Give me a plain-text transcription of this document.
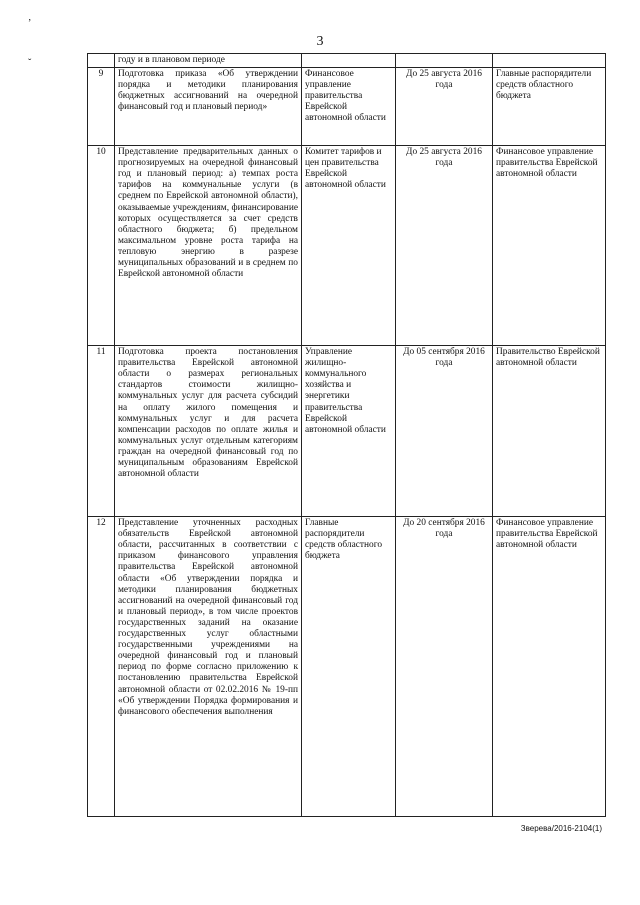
’
ˇ
3
	году и в плановом периоде			
9	Подготовка приказа «Об утверждении порядка и методики планирования бюджетных ассигнований на очередной финансовый год и плановый период»	Финансовое управление правительства Еврейской автономной области	До 25 августа 2016 года	Главные распорядители средств областного бюджета
10	Представление предварительных данных о прогнозируемых на очередной финансовый год и плановый период: а) темпах роста тарифов на коммунальные услуги (в среднем по Еврейской автономной области), оказываемые учреждениям, финансирование которых осуществляется за счет средств областного бюджета; б) предельном максимальном уровне роста тарифа на тепловую энергию в разрезе муниципальных образований и в среднем по Еврейской автономной области	Комитет тарифов и цен правительства Еврейской автономной области	До 25 августа 2016 года	Финансовое управление правительства Еврейской автономной области
11	Подготовка проекта постановления правительства Еврейской автономной области о размерах региональных стандартов стоимости жилищно-коммунальных услуг для расчета субсидий на оплату жилого помещения и коммунальных услуг и для расчета компенсации расходов по оплате жилья и коммунальных услуг отдельным категориям граждан на очередной финансовый год по муниципальным образованиям Еврейской автономной области	Управление жилищно-коммунального хозяйства и энергетики правительства Еврейской автономной области	До 05 сентября 2016 года	Правительство Еврейской автономной области
12	Представление уточненных расходных обязательств Еврейской автономной области, рассчитанных в соответствии с приказом финансового управления правительства Еврейской автономной области «Об утверждении порядка и методики планирования бюджетных ассигнований на очередной финансовый год и плановый период», в том числе проектов государственных заданий на оказание государственных услуг областными государственными учреждениями на очередной финансовый год и плановый период по форме согласно приложению к постановлению правительства Еврейской автономной области от 02.02.2016 № 19-пп «Об утверждении Порядка формирования и финансового обеспечения выполнения	Главные распорядители средств областного бюджета	До 20 сентября 2016 года	Финансовое управление правительства Еврейской автономной области
Зверева/2016-2104(1)
